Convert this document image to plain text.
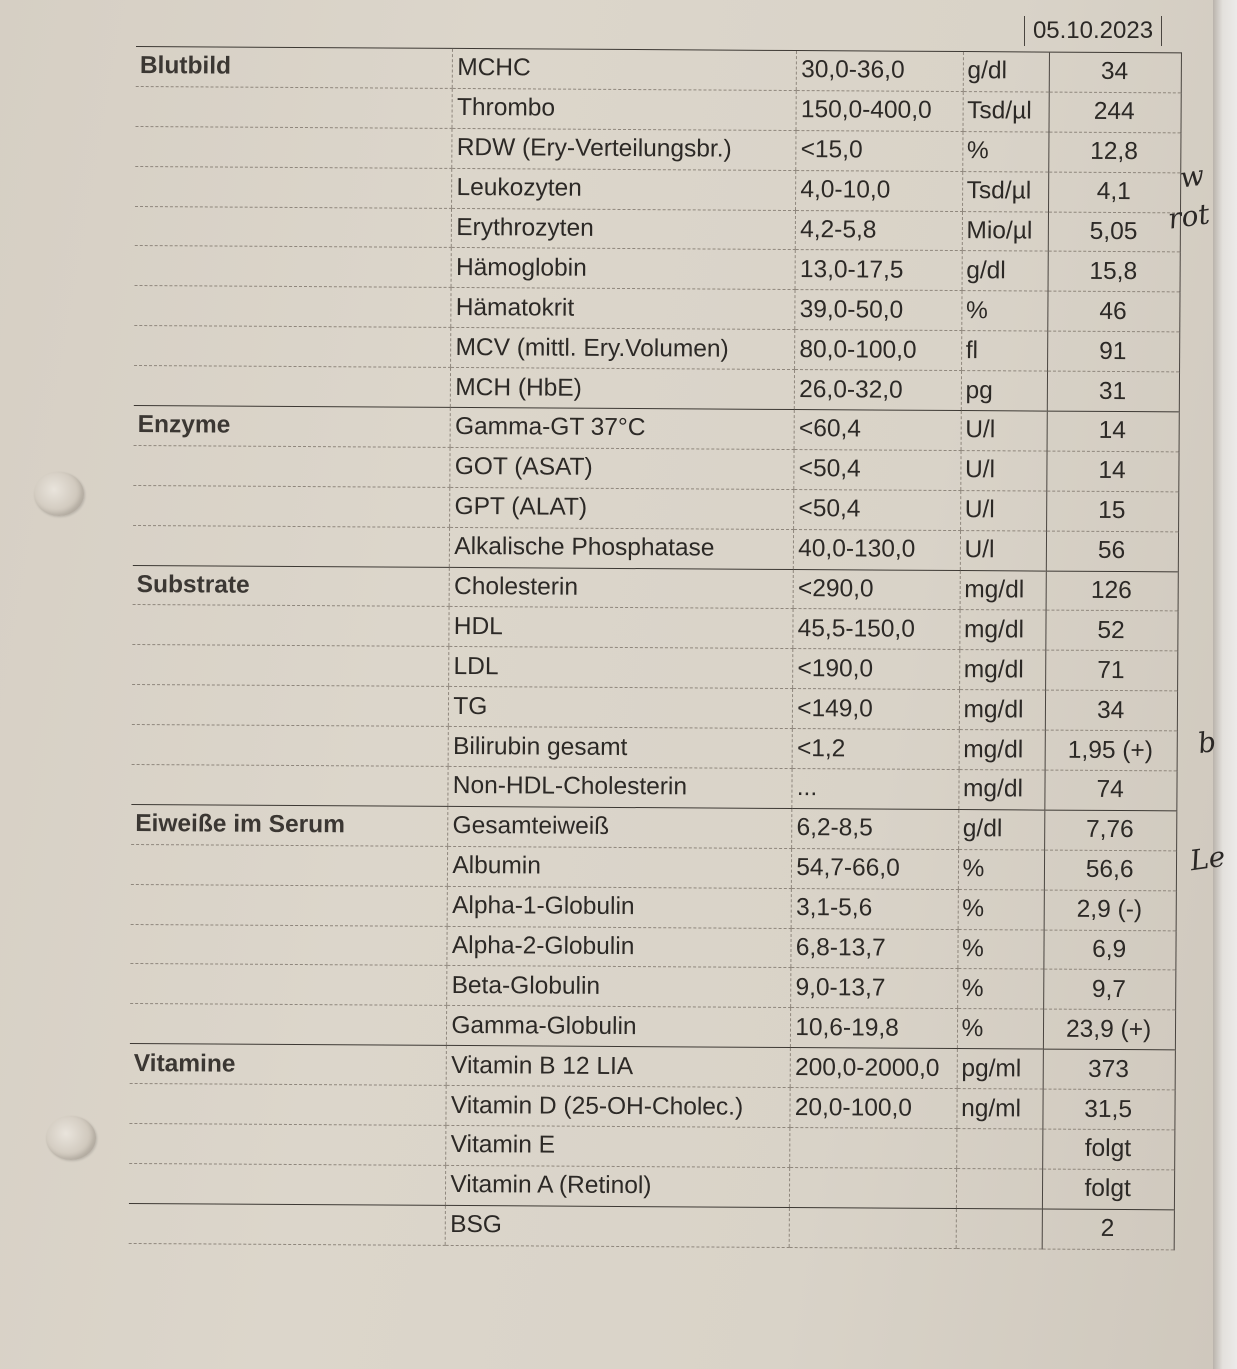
05.10.2023
Blutbild	MCHC	30,0-36,0	g/dl	34
	Thrombo	150,0-400,0	Tsd/µl	244
	RDW (Ery-Verteilungsbr.)	<15,0	%	12,8
	Leukozyten	4,0-10,0	Tsd/µl	4,1
	Erythrozyten	4,2-5,8	Mio/µl	5,05
	Hämoglobin	13,0-17,5	g/dl	15,8
	Hämatokrit	39,0-50,0	%	46
	MCV (mittl. Ery.Volumen)	80,0-100,0	fl	91
	MCH (HbE)	26,0-32,0	pg	31
Enzyme	Gamma-GT 37°C	<60,4	U/l	14
	GOT (ASAT)	<50,4	U/l	14
	GPT (ALAT)	<50,4	U/l	15
	Alkalische Phosphatase	40,0-130,0	U/l	56
Substrate	Cholesterin	<290,0	mg/dl	126
	HDL	45,5-150,0	mg/dl	52
	LDL	<190,0	mg/dl	71
	TG	<149,0	mg/dl	34
	Bilirubin gesamt	<1,2	mg/dl	1,95 (+)
	Non-HDL-Cholesterin	...	mg/dl	74
Eiweiße im Serum	Gesamteiweiß	6,2-8,5	g/dl	7,76
	Albumin	54,7-66,0	%	56,6
	Alpha-1-Globulin	3,1-5,6	%	2,9 (-)
	Alpha-2-Globulin	6,8-13,7	%	6,9
	Beta-Globulin	9,0-13,7	%	9,7
	Gamma-Globulin	10,6-19,8	%	23,9 (+)
Vitamine	Vitamin B 12 LIA	200,0-2000,0	pg/ml	373
	Vitamin D (25-OH-Cholec.)	20,0-100,0	ng/ml	31,5
	Vitamin E			folgt
	Vitamin A (Retinol)			folgt
	BSG			2
w
rot
b
Le
